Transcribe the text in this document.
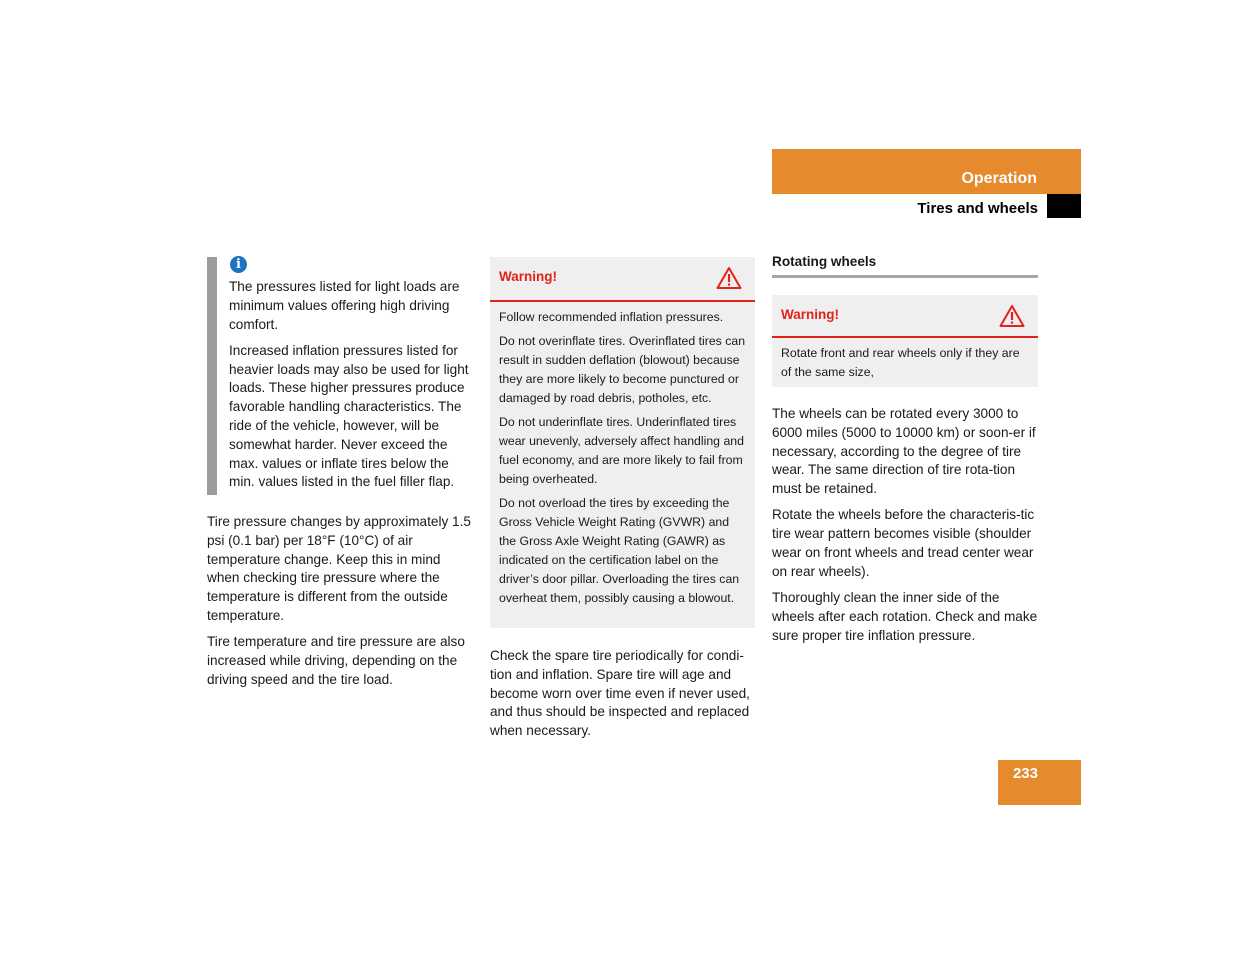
Operation
Tires and wheels
i

The pressures listed for light loads are minimum values offering high driving comfort.

Increased inflation pressures listed for heavier loads may also be used for light loads. These higher pressures produce favorable handling characteristics. The ride of the vehicle, however, will be somewhat harder. Never exceed the max. values or inflate tires below the min. values listed in the fuel filler flap.

Tire pressure changes by approximately 1.5 psi (0.1 bar) per 18°F (10°C) of air temperature change. Keep this in mind when checking tire pressure where the temperature is different from the outside temperature.

Tire temperature and tire pressure are also increased while driving, depending on the driving speed and the tire load.

Warning!

Follow recommended inflation pressures.

Do not overinflate tires. Overinflated tires can result in sudden deflation (blowout) because they are more likely to become punctured or damaged by road debris, potholes, etc.

Do not underinflate tires. Underinflated tires wear unevenly, adversely affect handling and fuel economy, and are more likely to fail from being overheated.

Do not overload the tires by exceeding the Gross Vehicle Weight Rating (GVWR) and the Gross Axle Weight Rating (GAWR) as indicated on the certification label on the driver’s door pillar. Overloading the tires can overheat them, possibly causing a blowout.

Check the spare tire periodically for condi-tion and inflation. Spare tire will age and become worn over time even if never used, and thus should be inspected and replaced when necessary.

Rotating wheels
Warning!

Rotate front and rear wheels only if they are of the same size,

The wheels can be rotated every 3000 to 6000 miles (5000 to 10000 km) or soon-er if necessary, according to the degree of tire wear. The same direction of tire rota-tion must be retained.

Rotate the wheels before the characteris-tic tire wear pattern becomes visible (shoulder wear on front wheels and tread center wear on rear wheels).

Thoroughly clean the inner side of the wheels after each rotation. Check and make sure proper tire inflation pressure.

233
